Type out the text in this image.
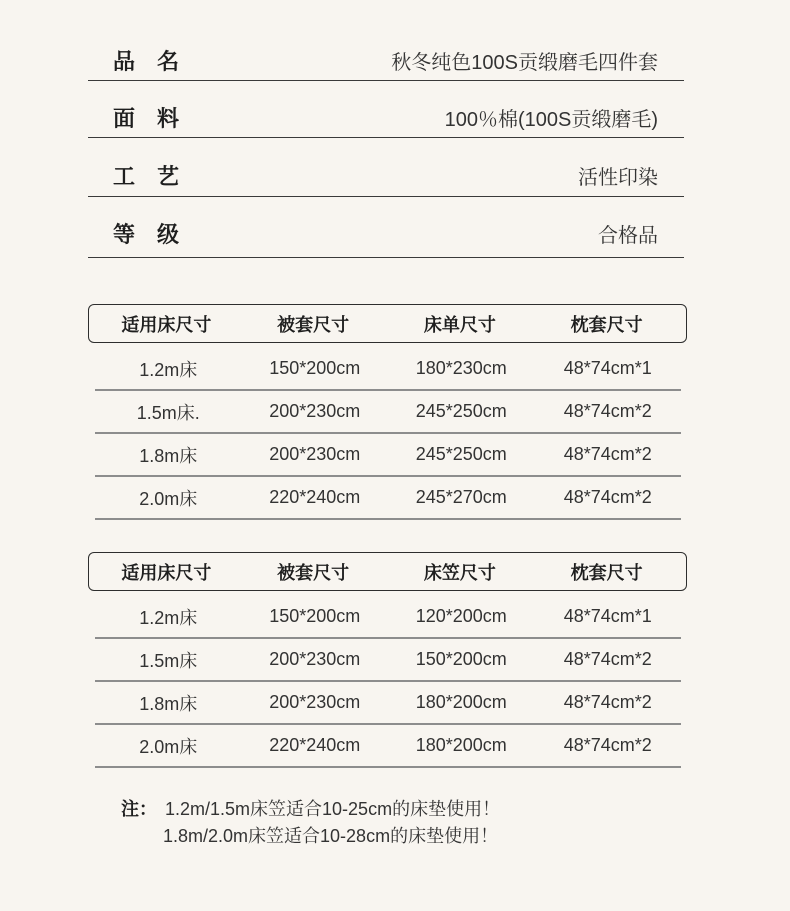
品名	秋冬纯色100S贡缎磨毛四件套
面料	100％棉(100S贡缎磨毛)
工艺	活性印染
等级	合格品
适用床尺寸	被套尺寸	床单尺寸	枕套尺寸
1.2m床	150*200cm	180*230cm	48*74cm*1
1.5m床.	200*230cm	245*250cm	48*74cm*2
1.8m床	200*230cm	245*250cm	48*74cm*2
2.0m床	220*240cm	245*270cm	48*74cm*2
适用床尺寸	被套尺寸	床笠尺寸	枕套尺寸
1.2m床	150*200cm	120*200cm	48*74cm*1
1.5m床	200*230cm	150*200cm	48*74cm*2
1.8m床	200*230cm	180*200cm	48*74cm*2
2.0m床	220*240cm	180*200cm	48*74cm*2
注： 1.2m/1.5m床笠适合10-25cm的床垫使用！
1.8m/2.0m床笠适合10-28cm的床垫使用！
